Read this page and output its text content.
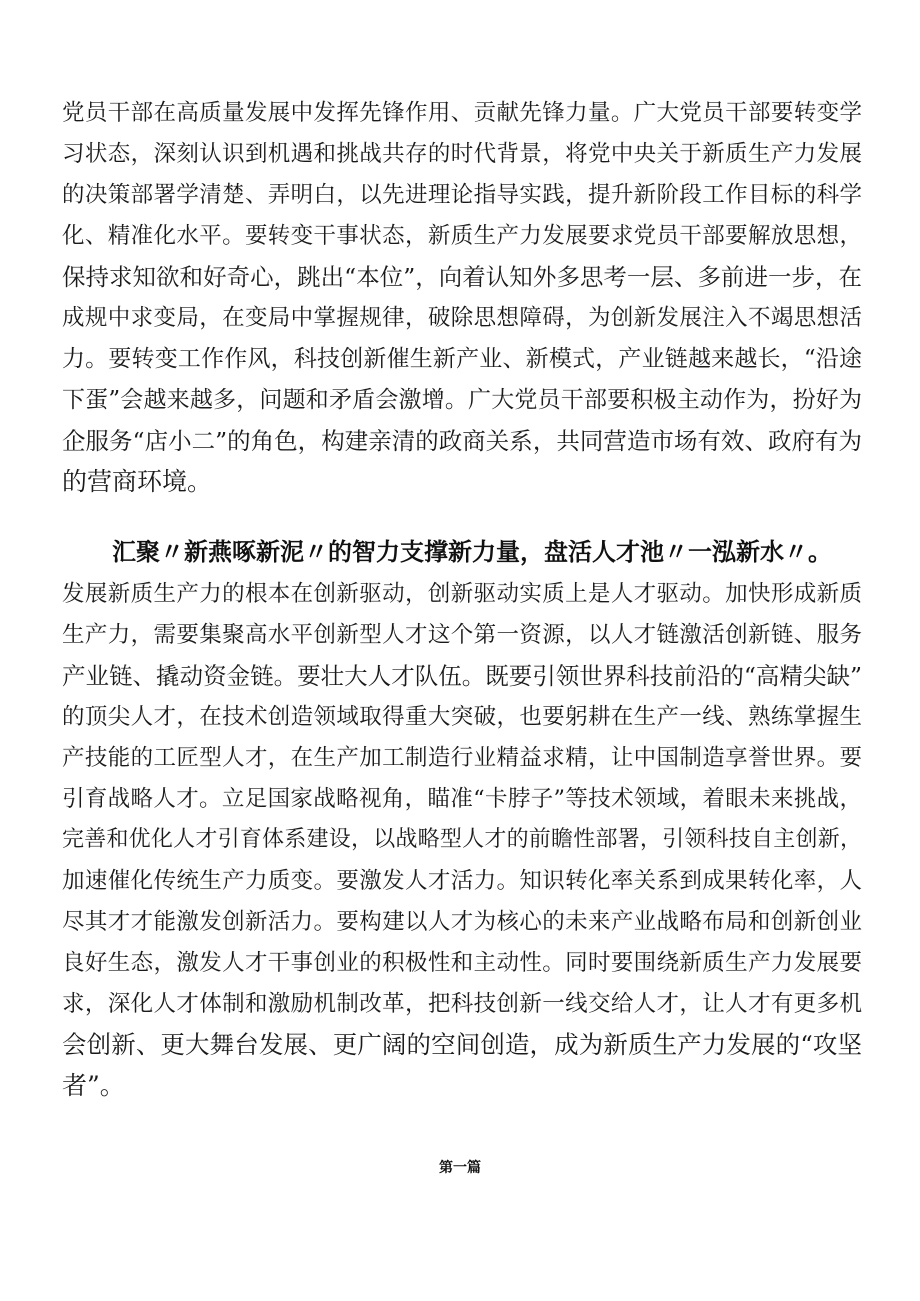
党员干部在高质量发展中发挥先锋作用、贡献先锋力量。广大党员干部要转变学
习状态，深刻认识到机遇和挑战共存的时代背景，将党中央关于新质生产力发展
的决策部署学清楚、弄明白，以先进理论指导实践，提升新阶段工作目标的科学
化、精准化水平。要转变干事状态，新质生产力发展要求党员干部要解放思想，
保持求知欲和好奇心，跳出“本位”，向着认知外多思考一层、多前进一步，在
成规中求变局，在变局中掌握规律，破除思想障碍，为创新发展注入不竭思想活
力。要转变工作作风，科技创新催生新产业、新模式，产业链越来越长，“沿途
下蛋”会越来越多，问题和矛盾会激增。广大党员干部要积极主动作为，扮好为
企服务“店小二”的角色，构建亲清的政商关系，共同营造市场有效、政府有为
的营商环境。
汇聚〃新燕啄新泥〃的智力支撑新力量，盘活人才池〃一泓新水〃。
发展新质生产力的根本在创新驱动，创新驱动实质上是人才驱动。加快形成新质
生产力，需要集聚高水平创新型人才这个第一资源，以人才链激活创新链、服务
产业链、撬动资金链。要壮大人才队伍。既要引领世界科技前沿的“高精尖缺”
的顶尖人才，在技术创造领域取得重大突破，也要躬耕在生产一线、熟练掌握生
产技能的工匠型人才，在生产加工制造行业精益求精，让中国制造享誉世界。要
引育战略人才。立足国家战略视角，瞄准“卡脖子”等技术领域，着眼未来挑战，
完善和优化人才引育体系建设，以战略型人才的前瞻性部署，引领科技自主创新，
加速催化传统生产力质变。要激发人才活力。知识转化率关系到成果转化率，人
尽其才才能激发创新活力。要构建以人才为核心的未来产业战略布局和创新创业
良好生态，激发人才干事创业的积极性和主动性。同时要围绕新质生产力发展要
求，深化人才体制和激励机制改革，把科技创新一线交给人才，让人才有更多机
会创新、更大舞台发展、更广阔的空间创造，成为新质生产力发展的“攻坚
者”。
第一篇
